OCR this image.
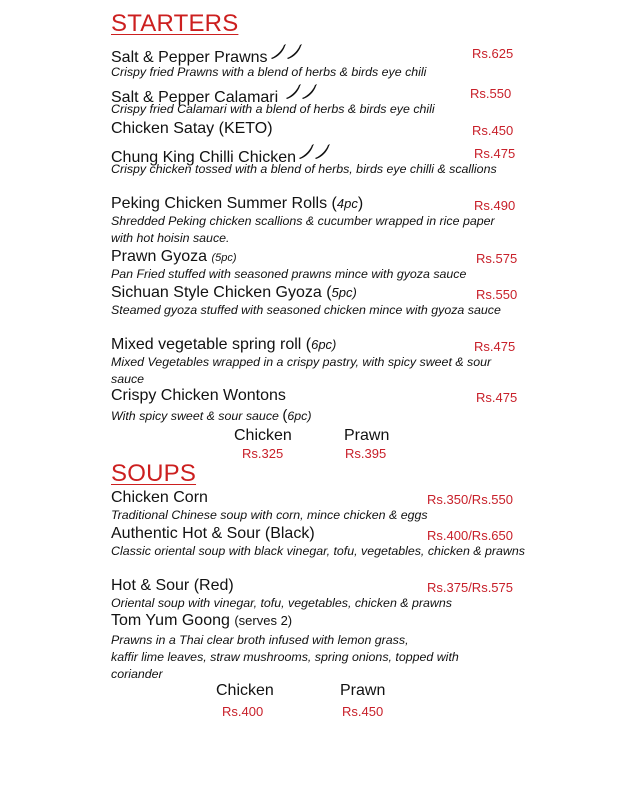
STARTERS
Salt & Pepper Prawns	Rs.625
Crispy fried Prawns with a blend of herbs & birds eye chili
Salt & Pepper Calamari	Rs.550
Crispy fried Calamari with a blend of herbs & birds eye chili
Chicken Satay (KETO)	Rs.450
Chung King Chilli Chicken	Rs.475
Crispy chicken tossed with a blend of herbs, birds eye chilli & scallions
Peking Chicken Summer Rolls (4pc)	Rs.490
Shredded Peking chicken scallions & cucumber wrapped in rice paper with hot hoisin sauce.
Prawn Gyoza (5pc)	Rs.575
Pan Fried stuffed with seasoned prawns mince with gyoza sauce
Sichuan Style Chicken Gyoza (5pc)	Rs.550
Steamed gyoza stuffed with seasoned chicken mince with gyoza sauce
Mixed vegetable spring roll (6pc)	Rs.475
Mixed Vegetables wrapped in a crispy pastry, with spicy sweet & sour sauce
Crispy Chicken Wontons	Rs.475
With spicy sweet & sour sauce (6pc)
Chicken	Prawn
Rs.325	Rs.395
SOUPS
Chicken Corn	Rs.350/Rs.550
Traditional Chinese soup with corn, mince chicken & eggs
Authentic Hot & Sour (Black)	Rs.400/Rs.650
Classic oriental soup with black vinegar, tofu, vegetables, chicken & prawns
Hot & Sour (Red)	Rs.375/Rs.575
Oriental soup with vinegar, tofu, vegetables, chicken & prawns
Tom Yum Goong (serves 2)
Prawns in a Thai clear broth infused with lemon grass,
kaffir lime leaves, straw mushrooms, spring onions, topped with
coriander
Chicken	Prawn
Rs.400	Rs.450
